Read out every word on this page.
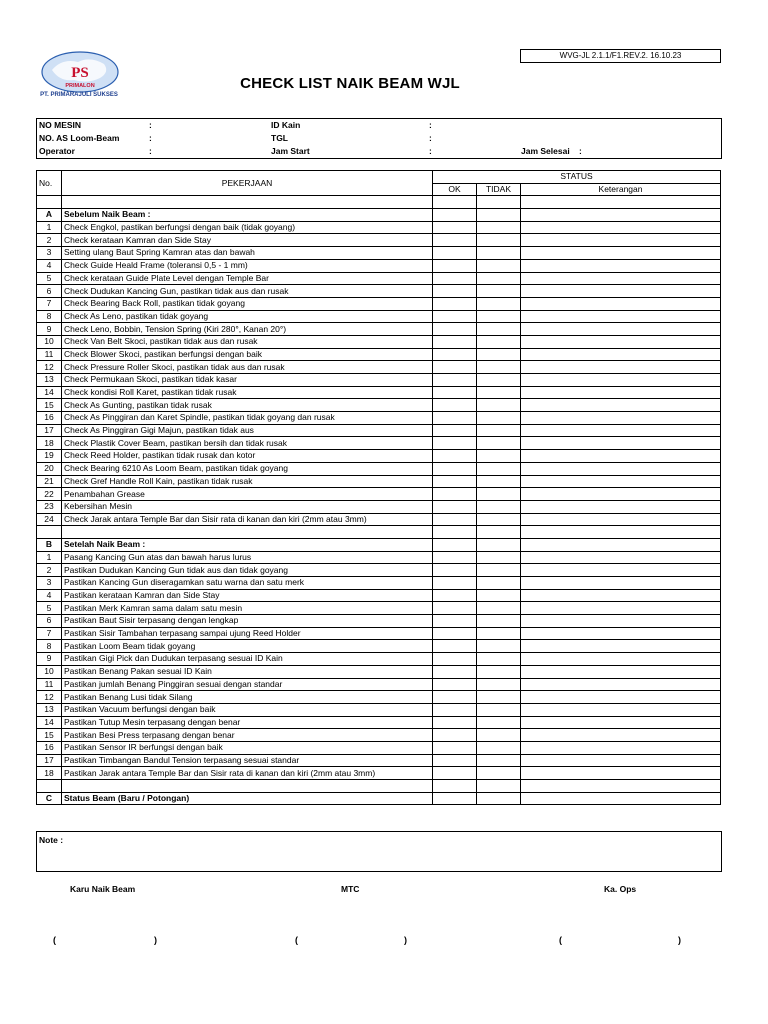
WVG-JL 2.1.1/F1.REV.2. 16.10.23
PS
PRIMALON
PT. PRIMARAJULI SUKSES
CHECK LIST NAIK BEAM WJL
NO MESIN	:	ID Kain	:
NO. AS Loom-Beam	:	TGL	:
Operator	:	Jam Start	:	Jam Selesai :
No.	PEKERJAAN	STATUS		
		OK	TIDAK	Keterangan

A	Sebelum Naik Beam :			
1	Check Engkol, pastikan berfungsi dengan baik (tidak goyang)			
2	Check kerataan Kamran dan Side Stay			
3	Setting ulang Baut Spring Kamran atas dan bawah			
4	Check Guide Heald Frame (toleransi 0,5 - 1 mm)			
5	Check kerataan Guide Plate Level dengan Temple Bar			
6	Check Dudukan Kancing Gun, pastikan tidak aus dan rusak			
7	Check Bearing Back Roll, pastikan tidak goyang			
8	Check As Leno, pastikan tidak goyang			
9	Check Leno, Bobbin, Tension Spring (Kiri 280°, Kanan 20°)			
10	Check Van Belt Skoci, pastikan tidak aus dan rusak			
11	Check Blower Skoci, pastikan berfungsi dengan baik			
12	Check Pressure Roller Skoci, pastikan tidak aus dan rusak			
13	Check Permukaan Skoci, pastikan tidak kasar			
14	Check kondisi Roll Karet, pastikan tidak rusak			
15	Check As Gunting, pastikan tidak rusak			
16	Check As Pinggiran dan Karet Spindle, pastikan tidak goyang dan rusak			
17	Check As Pinggiran Gigi Majun, pastikan tidak aus			
18	Check Plastik Cover Beam, pastikan bersih dan tidak rusak			
19	Check Reed Holder, pastikan tidak rusak dan kotor			
20	Check Bearing 6210 As Loom Beam, pastikan tidak goyang			
21	Check Gref Handle Roll Kain, pastikan tidak rusak			
22	Penambahan Grease			
23	Kebersihan Mesin			
24	Check Jarak antara Temple Bar dan Sisir rata di kanan dan kiri (2mm atau 3mm)			

B	Setelah Naik Beam :			
1	Pasang Kancing Gun atas dan bawah harus lurus			
2	Pastikan Dudukan Kancing Gun tidak aus dan tidak goyang			
3	Pastikan Kancing Gun diseragamkan satu warna dan satu merk			
4	Pastikan kerataan Kamran dan Side Stay			
5	Pastikan Merk Kamran sama dalam satu mesin			
6	Pastikan Baut Sisir terpasang dengan lengkap			
7	Pastikan Sisir Tambahan terpasang sampai ujung Reed Holder			
8	Pastikan Loom Beam tidak goyang			
9	Pastikan Gigi Pick dan Dudukan terpasang sesuai ID Kain			
10	Pastikan Benang Pakan sesuai ID Kain			
11	Pastikan jumlah Benang Pinggiran sesuai dengan standar			
12	Pastikan Benang Lusi tidak Silang			
13	Pastikan Vacuum berfungsi dengan baik			
14	Pastikan Tutup Mesin terpasang dengan benar			
15	Pastikan Besi Press terpasang dengan benar			
16	Pastikan Sensor IR berfungsi dengan baik			
17	Pastikan Timbangan Bandul Tension terpasang sesuai standar			
18	Pastikan Jarak antara Temple Bar dan Sisir rata di kanan dan kiri (2mm atau 3mm)			

C	Status Beam (Baru / Potongan)			
Note :
Karu Naik Beam	MTC	Ka. Ops
(	)	(	)	(	)
